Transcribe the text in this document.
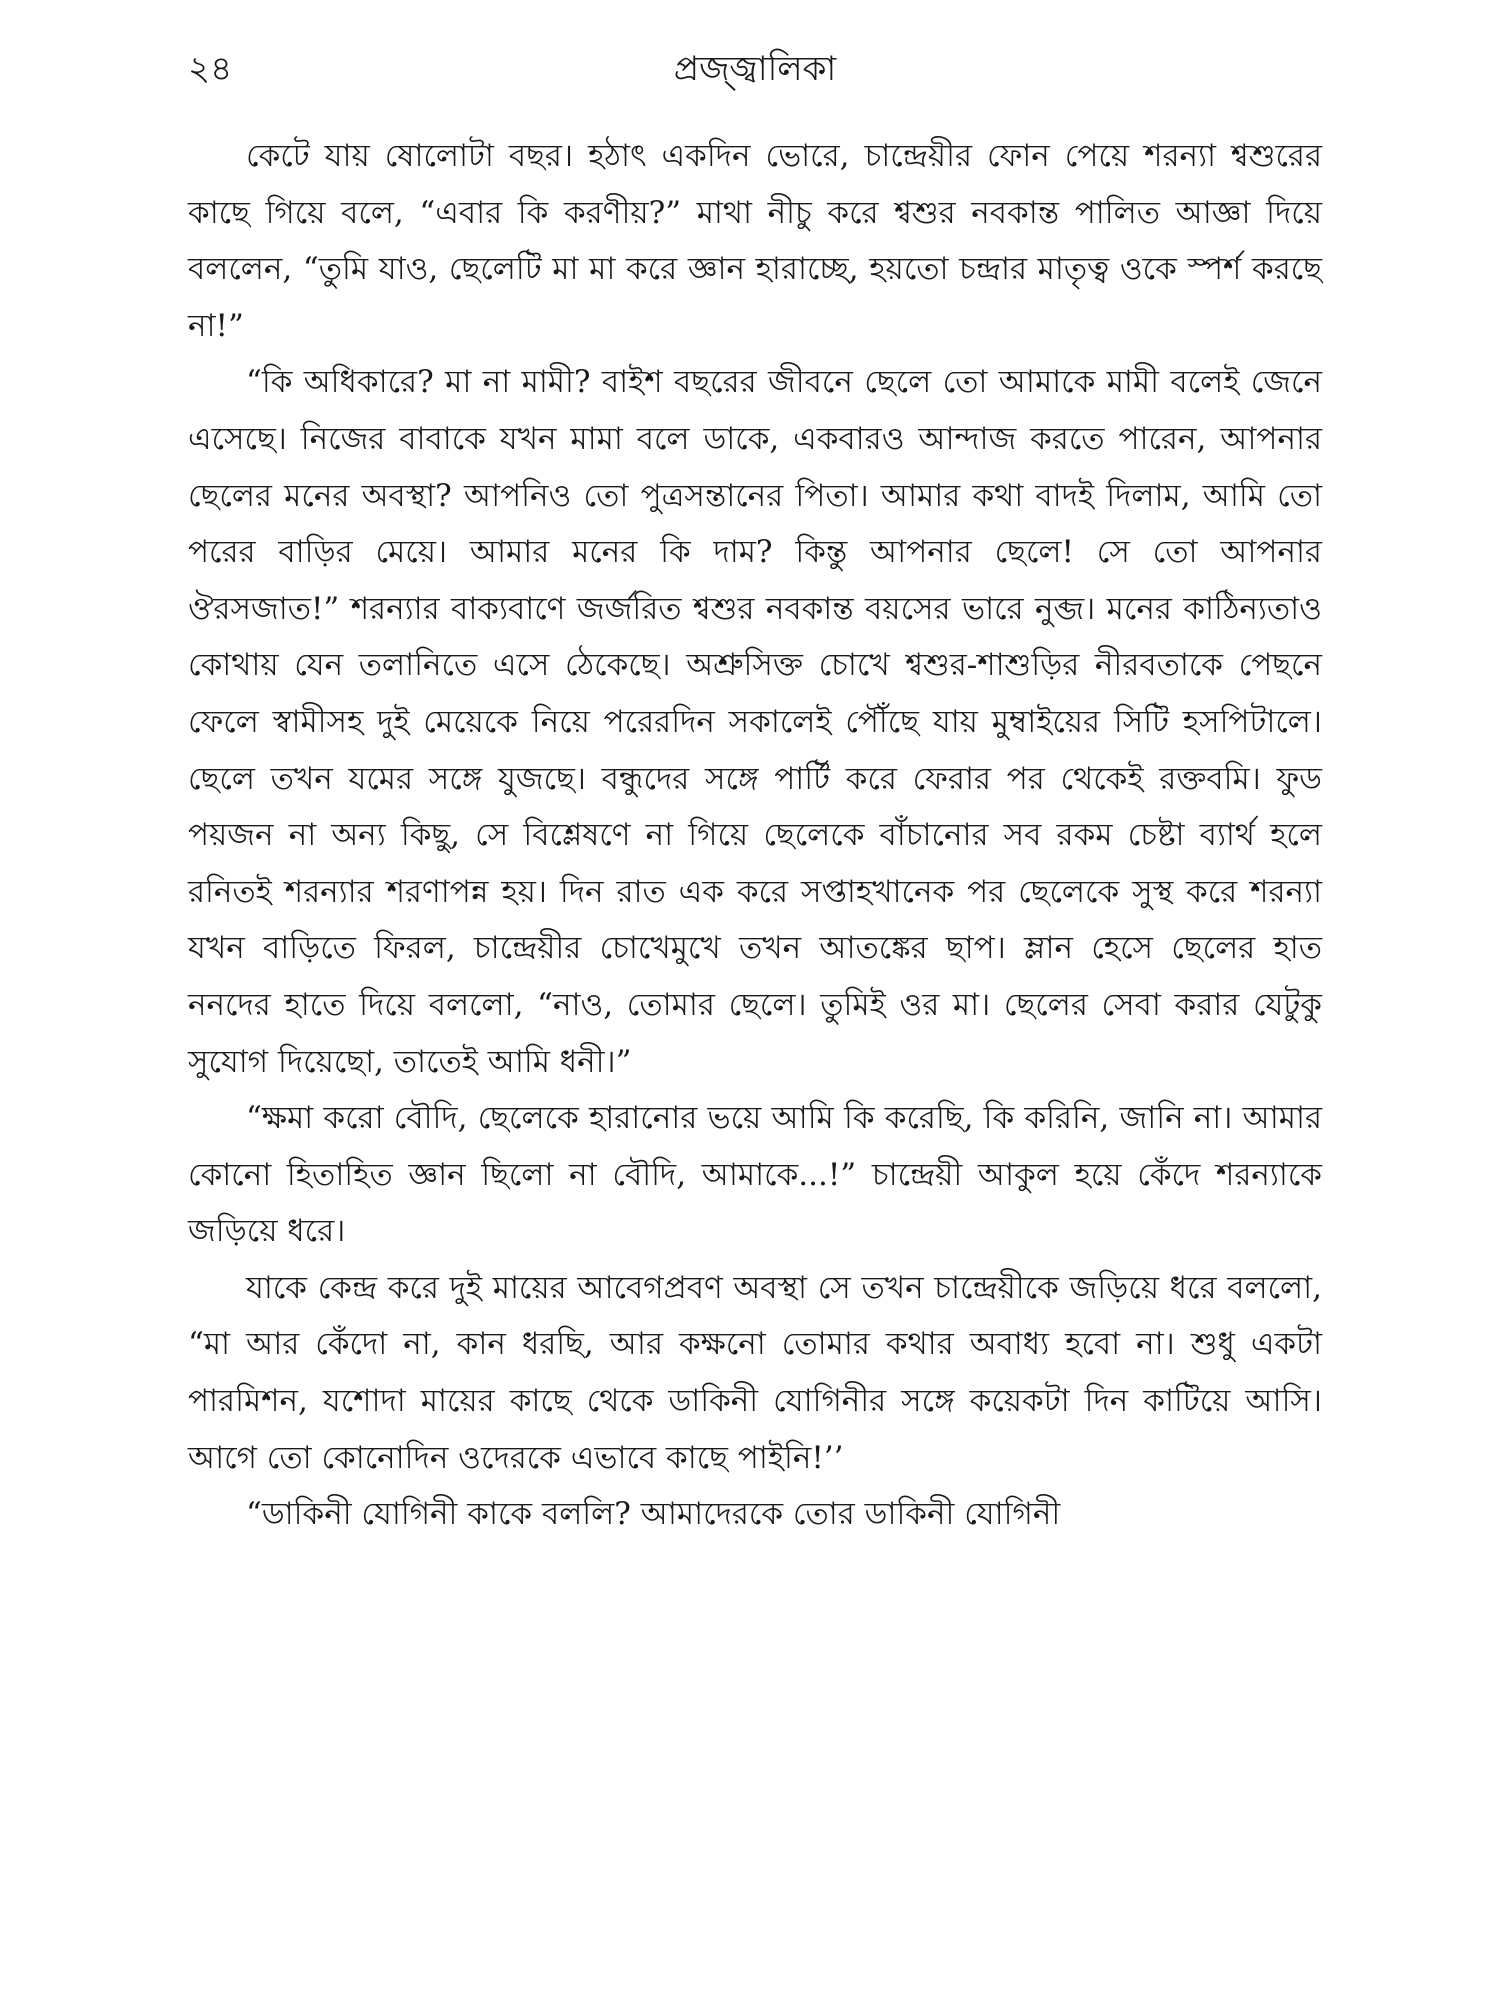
২৪	প্রজ্জ্বালিকা

কেটে যায় ষোলোটা বছর। হঠাৎ একদিন ভোরে, চান্দ্রেয়ীর ফোন পেয়ে শরন্যা শ্বশুরের কাছে গিয়ে বলে, “এবার কি করণীয়?” মাথা নীচু করে শ্বশুর নবকান্ত পালিত আজ্ঞা দিয়ে বললেন, “তুমি যাও, ছেলেটি মা মা করে জ্ঞান হারাচ্ছে, হয়তো চন্দ্রার মাতৃত্ব ওকে স্পর্শ করছে না!”

“কি অধিকারে? মা না মামী? বাইশ বছরের জীবনে ছেলে তো আমাকে মামী বলেই জেনে এসেছে। নিজের বাবাকে যখন মামা বলে ডাকে, একবারও আন্দাজ করতে পারেন, আপনার ছেলের মনের অবস্থা? আপনিও তো পুত্রসন্তানের পিতা। আমার কথা বাদই দিলাম, আমি তো পরের বাড়ির মেয়ে। আমার মনের কি দাম? কিন্তু আপনার ছেলে! সে তো আপনার ঔরসজাত!” শরন্যার বাক্যবাণে জর্জরিত শ্বশুর নবকান্ত বয়সের ভারে নুব্জ। মনের কাঠিন্যতাও কোথায় যেন তলানিতে এসে ঠেকেছে। অশ্রুসিক্ত চোখে শ্বশুর-শাশুড়ির নীরবতাকে পেছনে ফেলে স্বামীসহ দুই মেয়েকে নিয়ে পরেরদিন সকালেই পৌঁছে যায় মুম্বাইয়ের সিটি হসপিটালে। ছেলে তখন যমের সঙ্গে যুজছে। বন্ধুদের সঙ্গে পার্টি করে ফেরার পর থেকেই রক্তবমি। ফুড পয়জন না অন্য কিছু, সে বিশ্লেষণে না গিয়ে ছেলেকে বাঁচানোর সব রকম চেষ্টা ব্যার্থ হলে রনিতই শরন্যার শরণাপন্ন হয়। দিন রাত এক করে সপ্তাহখানেক পর ছেলেকে সুস্থ করে শরন্যা যখন বাড়িতে ফিরল, চান্দ্রেয়ীর চোখেমুখে তখন আতঙ্কের ছাপ। ম্লান হেসে ছেলের হাত ননদের হাতে দিয়ে বললো, “নাও, তোমার ছেলে। তুমিই ওর মা। ছেলের সেবা করার যেটুকু সুযোগ দিয়েছো, তাতেই আমি ধনী।”

“ক্ষমা করো বৌদি, ছেলেকে হারানোর ভয়ে আমি কি করেছি, কি করিনি, জানি না। আমার কোনো হিতাহিত জ্ঞান ছিলো না বৌদি, আমাকে...!” চান্দ্রেয়ী আকুল হয়ে কেঁদে শরন্যাকে জড়িয়ে ধরে।

যাকে কেন্দ্র করে দুই মায়ের আবেগপ্রবণ অবস্থা সে তখন চান্দ্রেয়ীকে জড়িয়ে ধরে বললো, “মা আর কেঁদো না, কান ধরছি, আর কক্ষনো তোমার কথার অবাধ্য হবো না। শুধু একটা পারমিশন, যশোদা মায়ের কাছে থেকে ডাকিনী যোগিনীর সঙ্গে কয়েকটা দিন কাটিয়ে আসি। আগে তো কোনোদিন ওদেরকে এভাবে কাছে পাইনি!’’

“ডাকিনী যোগিনী কাকে বললি? আমাদেরকে তোর ডাকিনী যোগিনী
